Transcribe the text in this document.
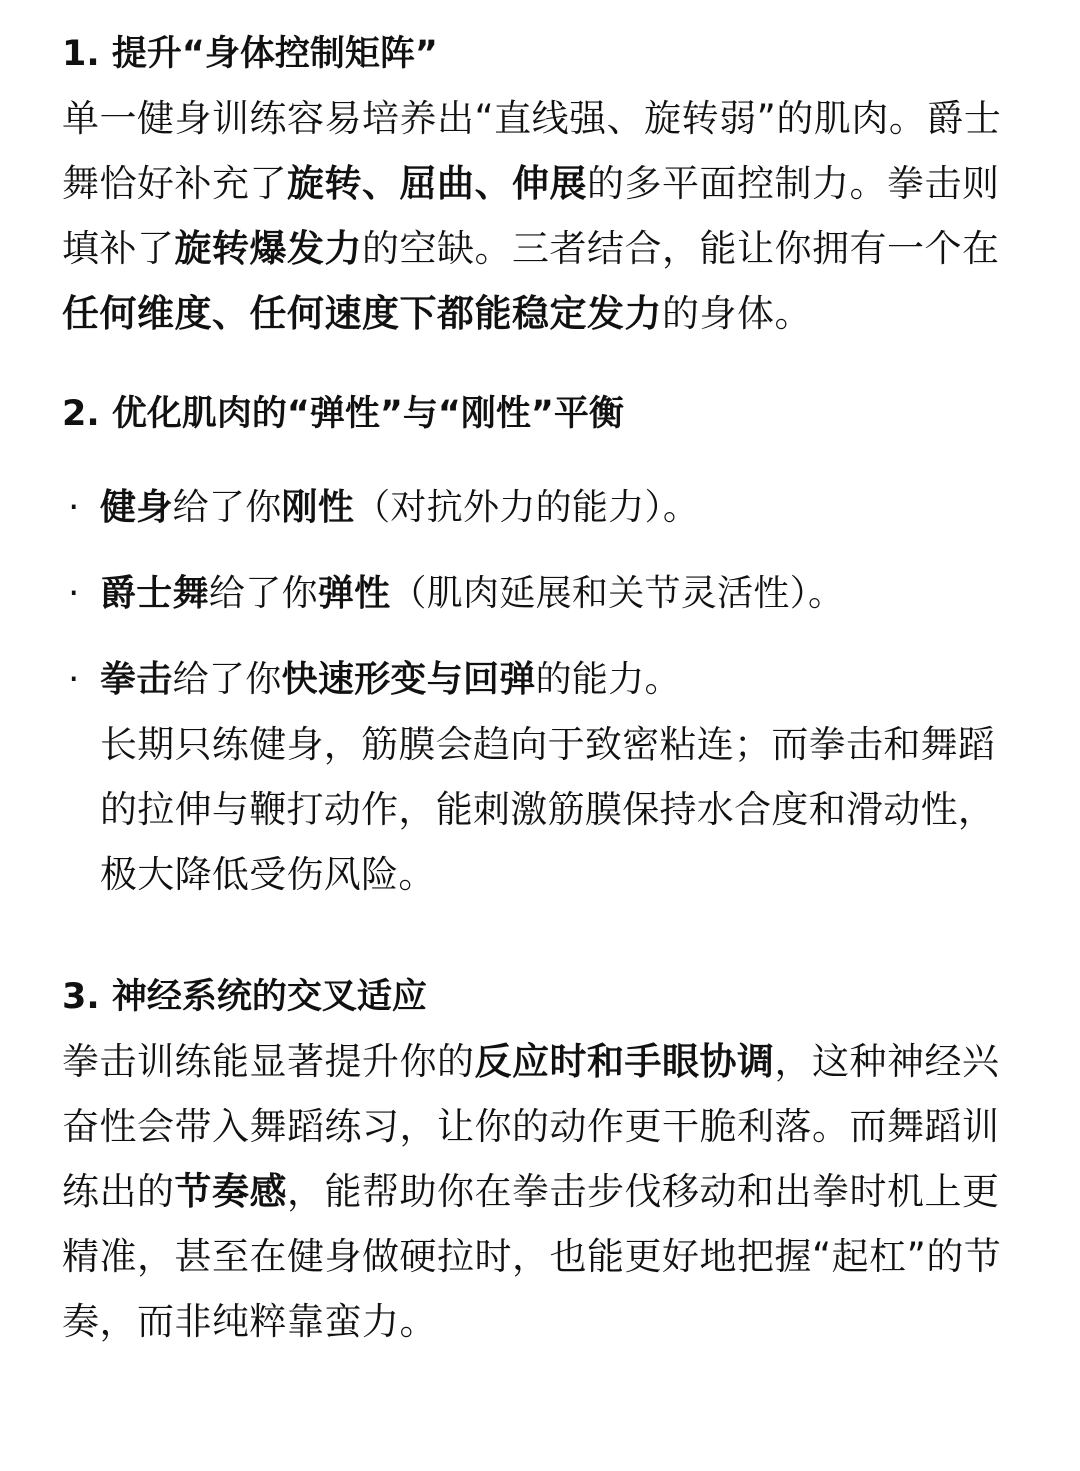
1. 提升“身体控制矩阵”

单一健身训练容易培养出“直线强、旋转弱”的肌肉。爵士舞恰好补充了旋转、屈曲、伸展的多平面控制力。拳击则填补了旋转爆发力的空缺。三者结合，能让你拥有一个在任何维度、任何速度下都能稳定发力的身体。

2. 优化肌肉的“弹性”与“刚性”平衡
· 健身给了你刚性（对抗外力的能力）。
· 爵士舞给了你弹性（肌肉延展和关节灵活性）。
· 拳击给了你快速形变与回弹的能力。
长期只练健身，筋膜会趋向于致密粘连；而拳击和舞蹈的拉伸与鞭打动作，能刺激筋膜保持水合度和滑动性，极大降低受伤风险。
3. 神经系统的交叉适应

拳击训练能显著提升你的反应时和手眼协调，这种神经兴奋性会带入舞蹈练习，让你的动作更干脆利落。而舞蹈训练出的节奏感，能帮助你在拳击步伐移动和出拳时机上更精准，甚至在健身做硬拉时，也能更好地把握“起杠”的节奏，而非纯粹靠蛮力。
